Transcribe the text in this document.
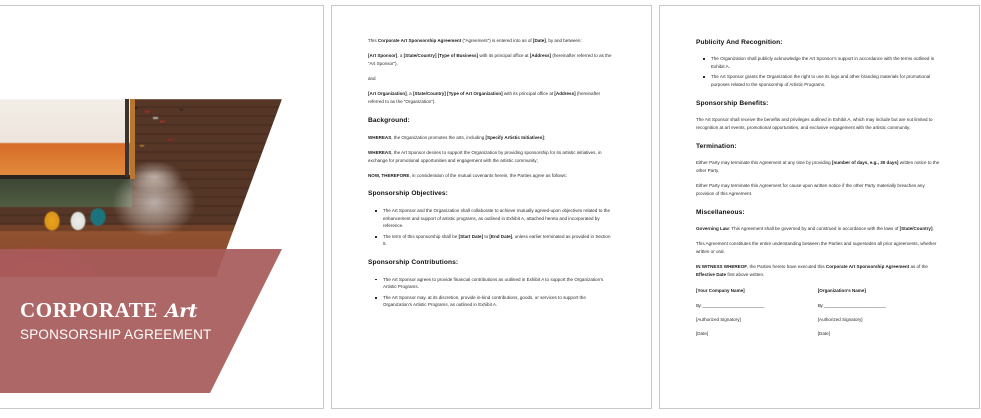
CORPORATE Art
SPONSORSHIP AGREEMENT

This Corporate Art Sponsorship Agreement (“Agreement”) is entered into as of [Date], by and between:

[Art Sponsor], a [State/Country] [Type of Business] with its principal office at [Address] (hereinafter referred to as the “Art Sponsor”),

and

[Art Organization], a [State/Country] [Type of Art Organization] with its principal office at [Address] (hereinafter referred to as the “Organization”).

Background:

WHEREAS, the Organization promotes the arts, including [Specify Artistic Initiatives];

WHEREAS, the Art Sponsor desires to support the Organization by providing sponsorship for its artistic initiatives, in exchange for promotional opportunities and engagement with the artistic community;

NOW, THEREFORE, in consideration of the mutual covenants herein, the Parties agree as follows:

Sponsorship Objectives:
The Art Sponsor and the Organization shall collaborate to achieve mutually agreed-upon objectives related to the enhancement and support of artistic programs, as outlined in Exhibit A, attached hereto and incorporated by reference.
The term of this sponsorship shall be [Start Date] to [End Date], unless earlier terminated as provided in Section 5.
Sponsorship Contributions:
The Art Sponsor agrees to provide financial contributions as outlined in Exhibit A to support the Organization’s Artistic Programs.
The Art Sponsor may, at its discretion, provide in-kind contributions, goods, or services to support the Organization’s Artistic Programs, as outlined in Exhibit A.
Publicity And Recognition:
The Organization shall publicly acknowledge the Art Sponsor’s support in accordance with the terms outlined in Exhibit A.
The Art Sponsor grants the Organization the right to use its logo and other branding materials for promotional purposes related to the sponsorship of Artistic Programs.
Sponsorship Benefits:

The Art Sponsor shall receive the benefits and privileges outlined in Exhibit A, which may include but are not limited to recognition at art events, promotional opportunities, and exclusive engagement with the artistic community.

Termination:

Either Party may terminate this Agreement at any time by providing [number of days, e.g., 30 days] written notice to the other Party.

Either Party may terminate this Agreement for cause upon written notice if the other Party materially breaches any provision of this Agreement.

Miscellaneous:

Governing Law: This Agreement shall be governed by and construed in accordance with the laws of [State/Country].

This Agreement constitutes the entire understanding between the Parties and supersedes all prior agreements, whether written or oral.

IN WITNESS WHEREOF, the Parties hereto have executed this Corporate Art Sponsorship Agreement as of the Effective Date first above written.

[Your Company Name]

By: _____________________________

[Authorized Signatory]

[Date]

[Organization’s Name]

By: _____________________________

[Authorized Signatory]

[Date]
